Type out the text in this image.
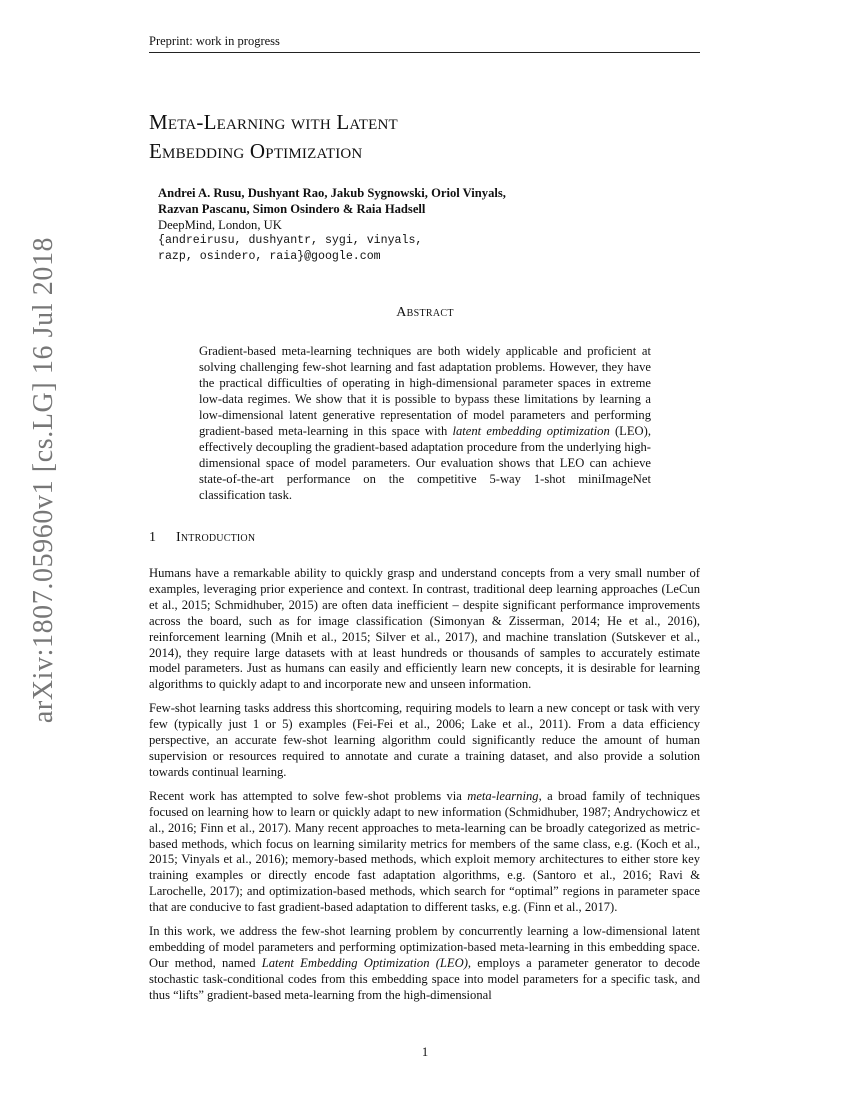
Preprint: work in progress
Meta-Learning with Latent
Embedding Optimization
Andrei A. Rusu, Dushyant Rao, Jakub Sygnowski, Oriol Vinyals,
Razvan Pascanu, Simon Osindero & Raia Hadsell
DeepMind, London, UK
{andreirusu, dushyantr, sygi, vinyals,
razp, osindero, raia}@google.com
Abstract
Gradient-based meta-learning techniques are both widely applicable and proficient at solving challenging few-shot learning and fast adaptation problems. However, they have the practical difficulties of operating in high-dimensional parameter spaces in extreme low-data regimes. We show that it is possible to bypass these limitations by learning a low-dimensional latent generative representation of model parameters and performing gradient-based meta-learning in this space with latent embedding optimization (LEO), effectively decoupling the gradient-based adaptation procedure from the underlying high-dimensional space of model parameters. Our evaluation shows that LEO can achieve state-of-the-art performance on the competitive 5-way 1-shot miniImageNet classification task.
1 Introduction

Humans have a remarkable ability to quickly grasp and understand concepts from a very small number of examples, leveraging prior experience and context. In contrast, traditional deep learning approaches (LeCun et al., 2015; Schmidhuber, 2015) are often data inefficient – despite significant performance improvements across the board, such as for image classification (Simonyan & Zisserman, 2014; He et al., 2016), reinforcement learning (Mnih et al., 2015; Silver et al., 2017), and machine translation (Sutskever et al., 2014), they require large datasets with at least hundreds or thousands of samples to accurately estimate model parameters. Just as humans can easily and efficiently learn new concepts, it is desirable for learning algorithms to quickly adapt to and incorporate new and unseen information.

Few-shot learning tasks address this shortcoming, requiring models to learn a new concept or task with very few (typically just 1 or 5) examples (Fei-Fei et al., 2006; Lake et al., 2011). From a data efficiency perspective, an accurate few-shot learning algorithm could significantly reduce the amount of human supervision or resources required to annotate and curate a training dataset, and also provide a solution towards continual learning.

Recent work has attempted to solve few-shot problems via meta-learning, a broad family of techniques focused on learning how to learn or quickly adapt to new information (Schmidhuber, 1987; Andrychowicz et al., 2016; Finn et al., 2017). Many recent approaches to meta-learning can be broadly categorized as metric-based methods, which focus on learning similarity metrics for members of the same class, e.g. (Koch et al., 2015; Vinyals et al., 2016); memory-based methods, which exploit memory architectures to either store key training examples or directly encode fast adaptation algorithms, e.g. (Santoro et al., 2016; Ravi & Larochelle, 2017); and optimization-based methods, which search for “optimal” regions in parameter space that are conducive to fast gradient-based adaptation to different tasks, e.g. (Finn et al., 2017).

In this work, we address the few-shot learning problem by concurrently learning a low-dimensional latent embedding of model parameters and performing optimization-based meta-learning in this embedding space. Our method, named Latent Embedding Optimization (LEO), employs a parameter generator to decode stochastic task-conditional codes from this embedding space into model parameters for a specific task, and thus “lifts” gradient-based meta-learning from the high-dimensional

arXiv:1807.05960v1 [cs.LG] 16 Jul 2018
1
